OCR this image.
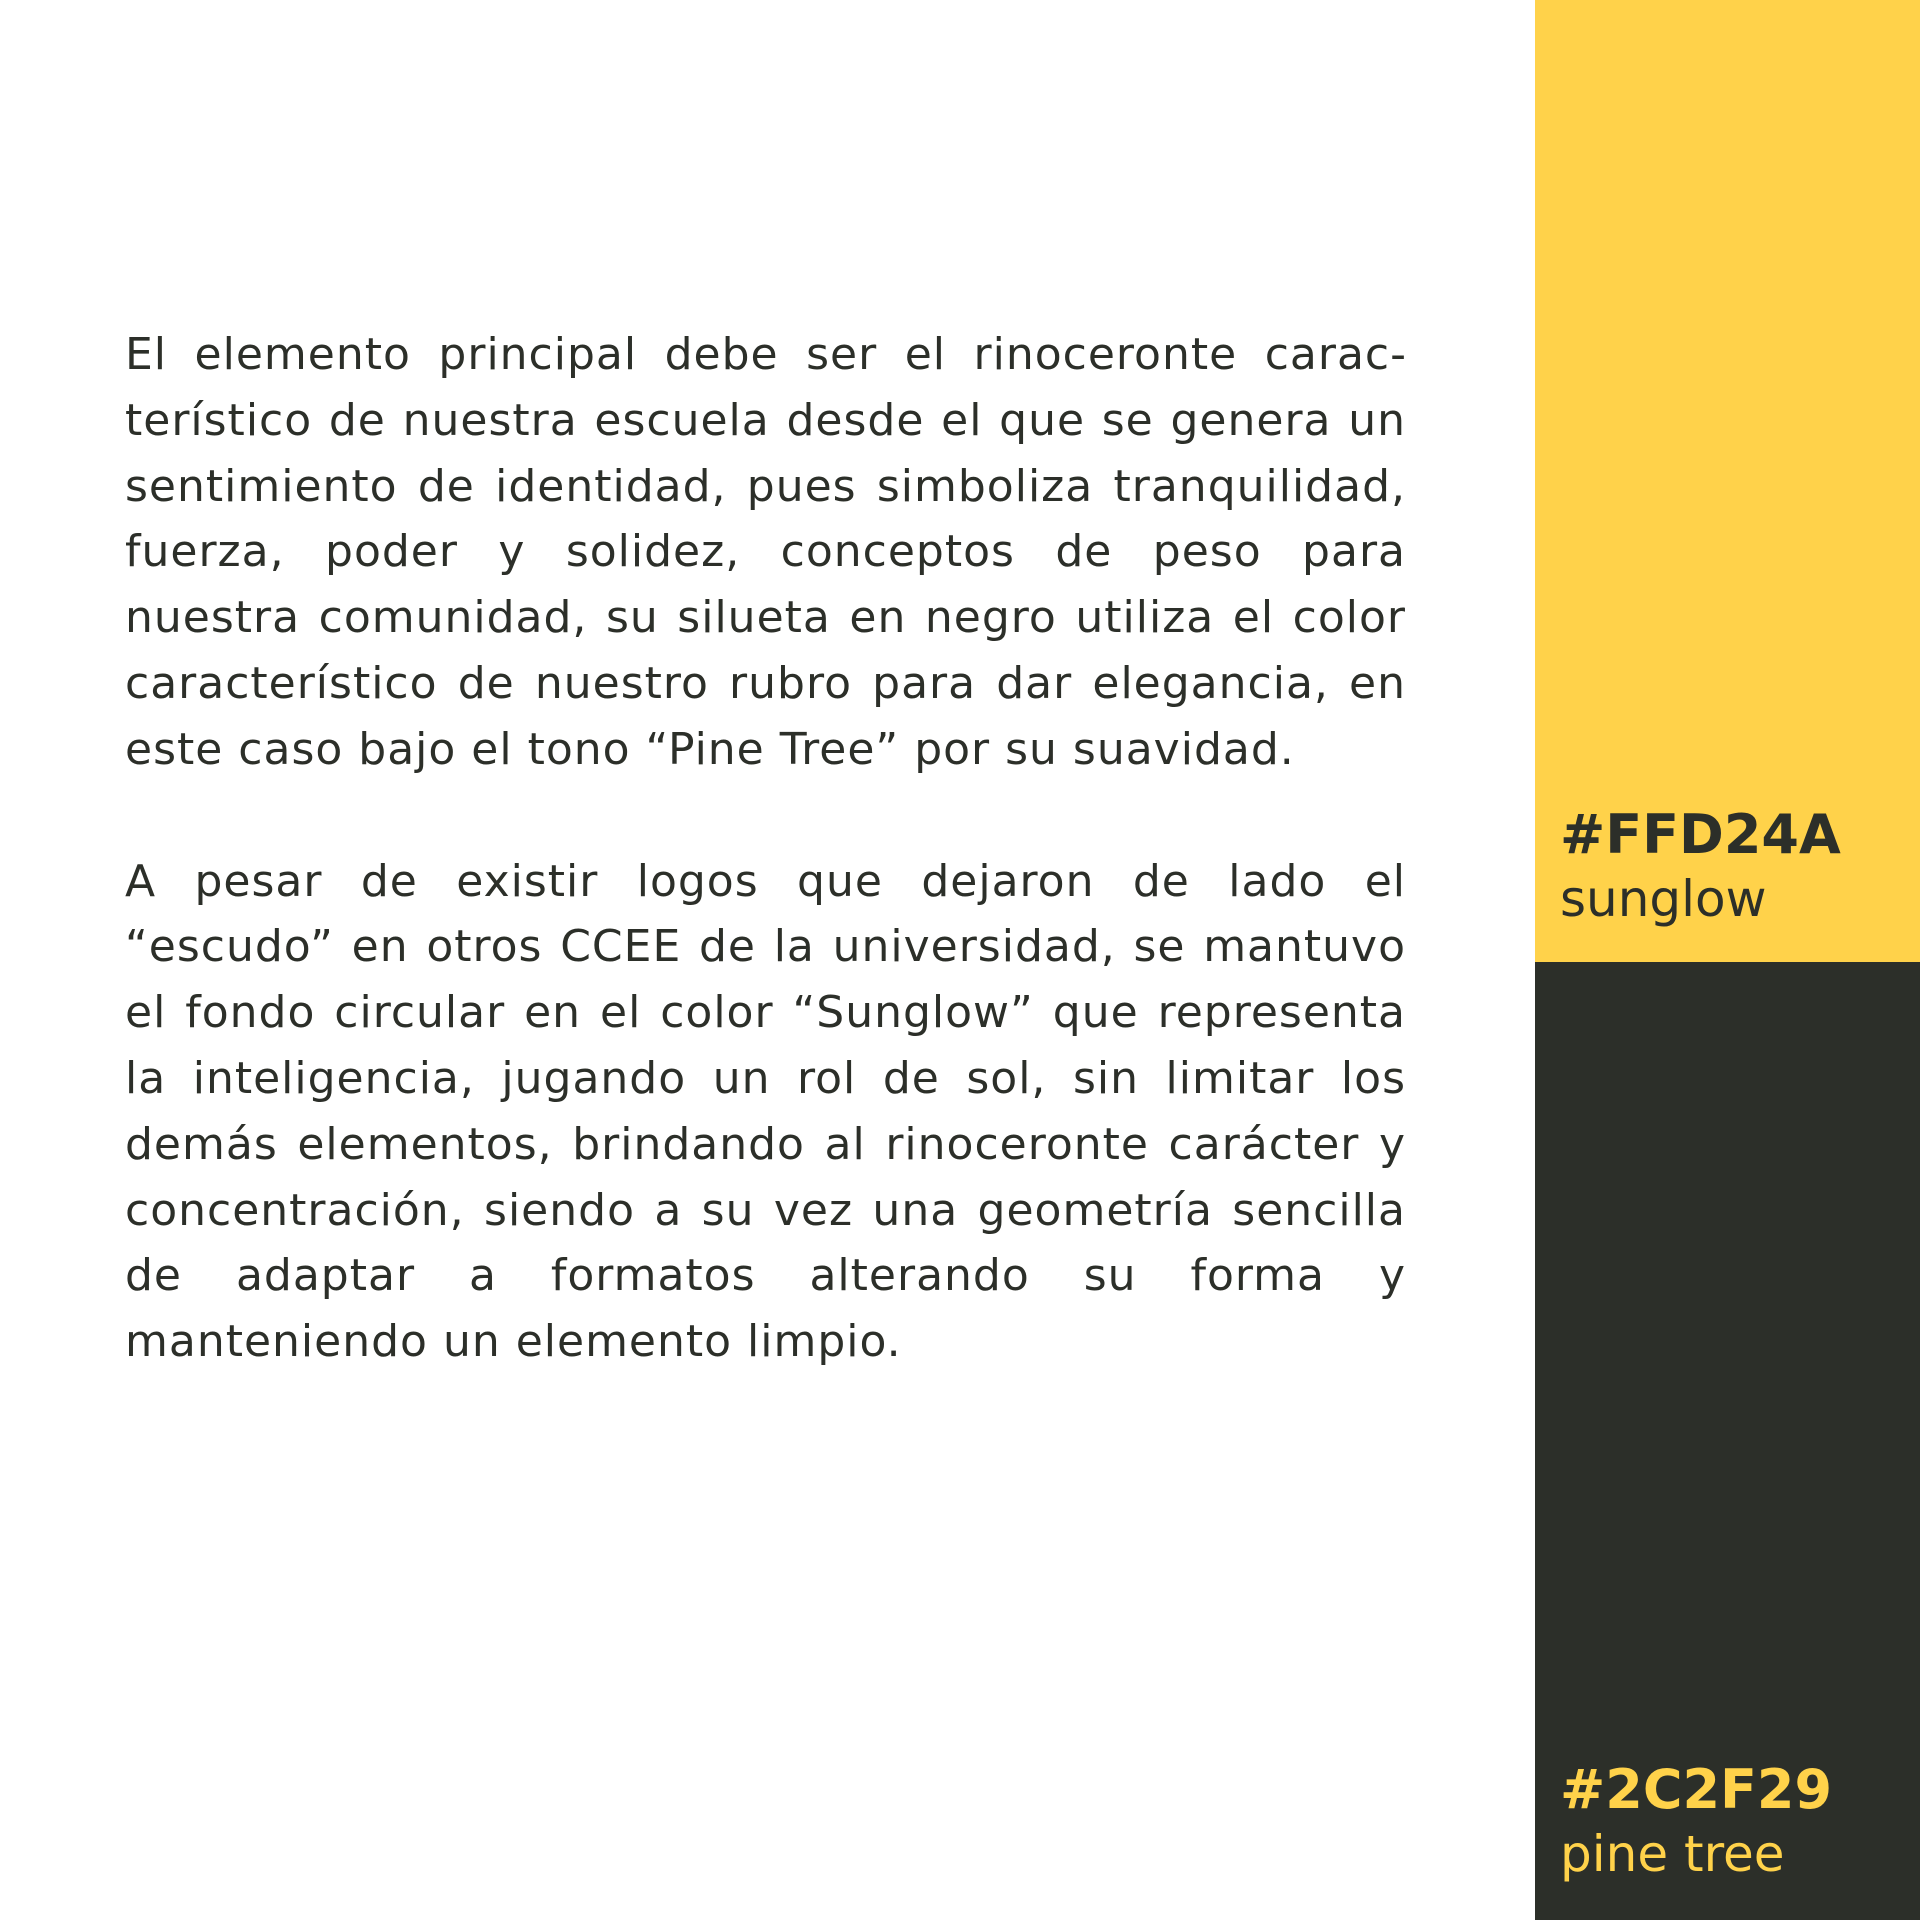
El elemento principal debe ser el rinoceronte característico de nuestra escuela desde el que se genera un sentimiento de identidad, pues simboliza tranquilidad, fuerza, poder y solidez, conceptos de peso para nuestra comunidad, su silueta en negro utiliza el color característico de nuestro rubro para dar elegancia, en este caso bajo el tono “Pine Tree” por su suavidad.

A pesar de existir logos que dejaron de lado el “escudo” en otros CCEE de la universidad, se mantuvo el fondo circular en el color “Sunglow” que representa la inteligencia, jugando un rol de sol, sin limitar los demás elementos, brindando al rinoceronte carácter y concentración, siendo a su vez una geometría sencilla de adaptar a formatos alterando su forma y manteniendo un elemento limpio.

#FFD24A
sunglow
#2C2F29
pine tree
